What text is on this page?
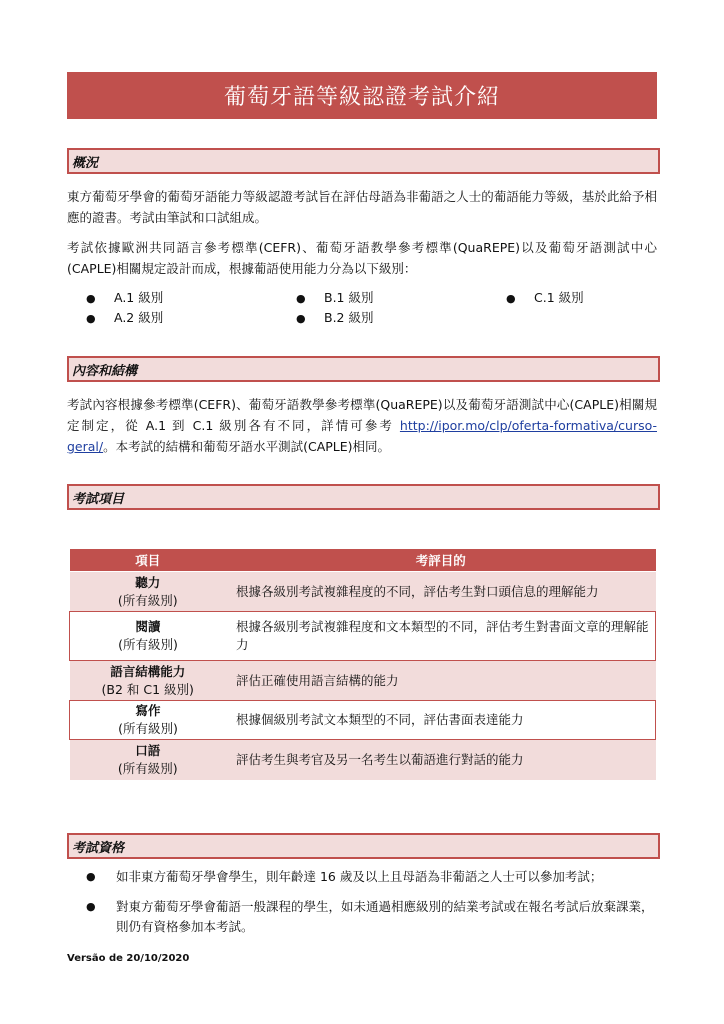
葡萄牙語等級認證考試介紹
概況

東方葡萄牙學會的葡萄牙語能力等級認證考試旨在評估母語為非葡語之人士的葡語能力等級，基於此給予相應的證書。考試由筆試和口試組成。

考試依據歐洲共同語言參考標準(CEFR)、葡萄牙語教學參考標準(QuaREPE)以及葡萄牙語測試中心(CAPLE)相關規定設計而成，根據葡語使用能力分為以下級別：

● A.1 級別
● A.2 級別
● B.1 級別
● B.2 級別
● C.1 級別
內容和結構

考試內容根據參考標準(CEFR)、葡萄牙語教學參考標準(QuaREPE)以及葡萄牙語測試中心(CAPLE)相關規定制定，從 A.1 到 C.1 級別各有不同，詳情可參考 http://ipor.mo/clp/oferta-formativa/curso-geral/。本考試的結構和葡萄牙語水平測試(CAPLE)相同。

考試項目
項目	考評目的
聽力
(所有級別)	根據各級別考試複雜程度的不同，評估考生對口頭信息的理解能力
閱讀
(所有級別)	根據各級別考試複雜程度和文本類型的不同，評估考生對書面文章的理解能力
語言結構能力
(B2 和 C1 級別)	評估正確使用語言結構的能力
寫作
(所有級別)	根據個級別考試文本類型的不同，評估書面表達能力
口語
(所有級別)	評估考生與考官及另一名考生以葡語進行對話的能力
考試資格
● 如非東方葡萄牙學會學生，則年齡達 16 歲及以上且母語為非葡語之人士可以參加考試；
● 對東方葡萄牙學會葡語一般課程的學生，如未通過相應級別的結業考試或在報名考試后放棄課業，則仍有資格參加本考試。
Versão de 20/10/2020
